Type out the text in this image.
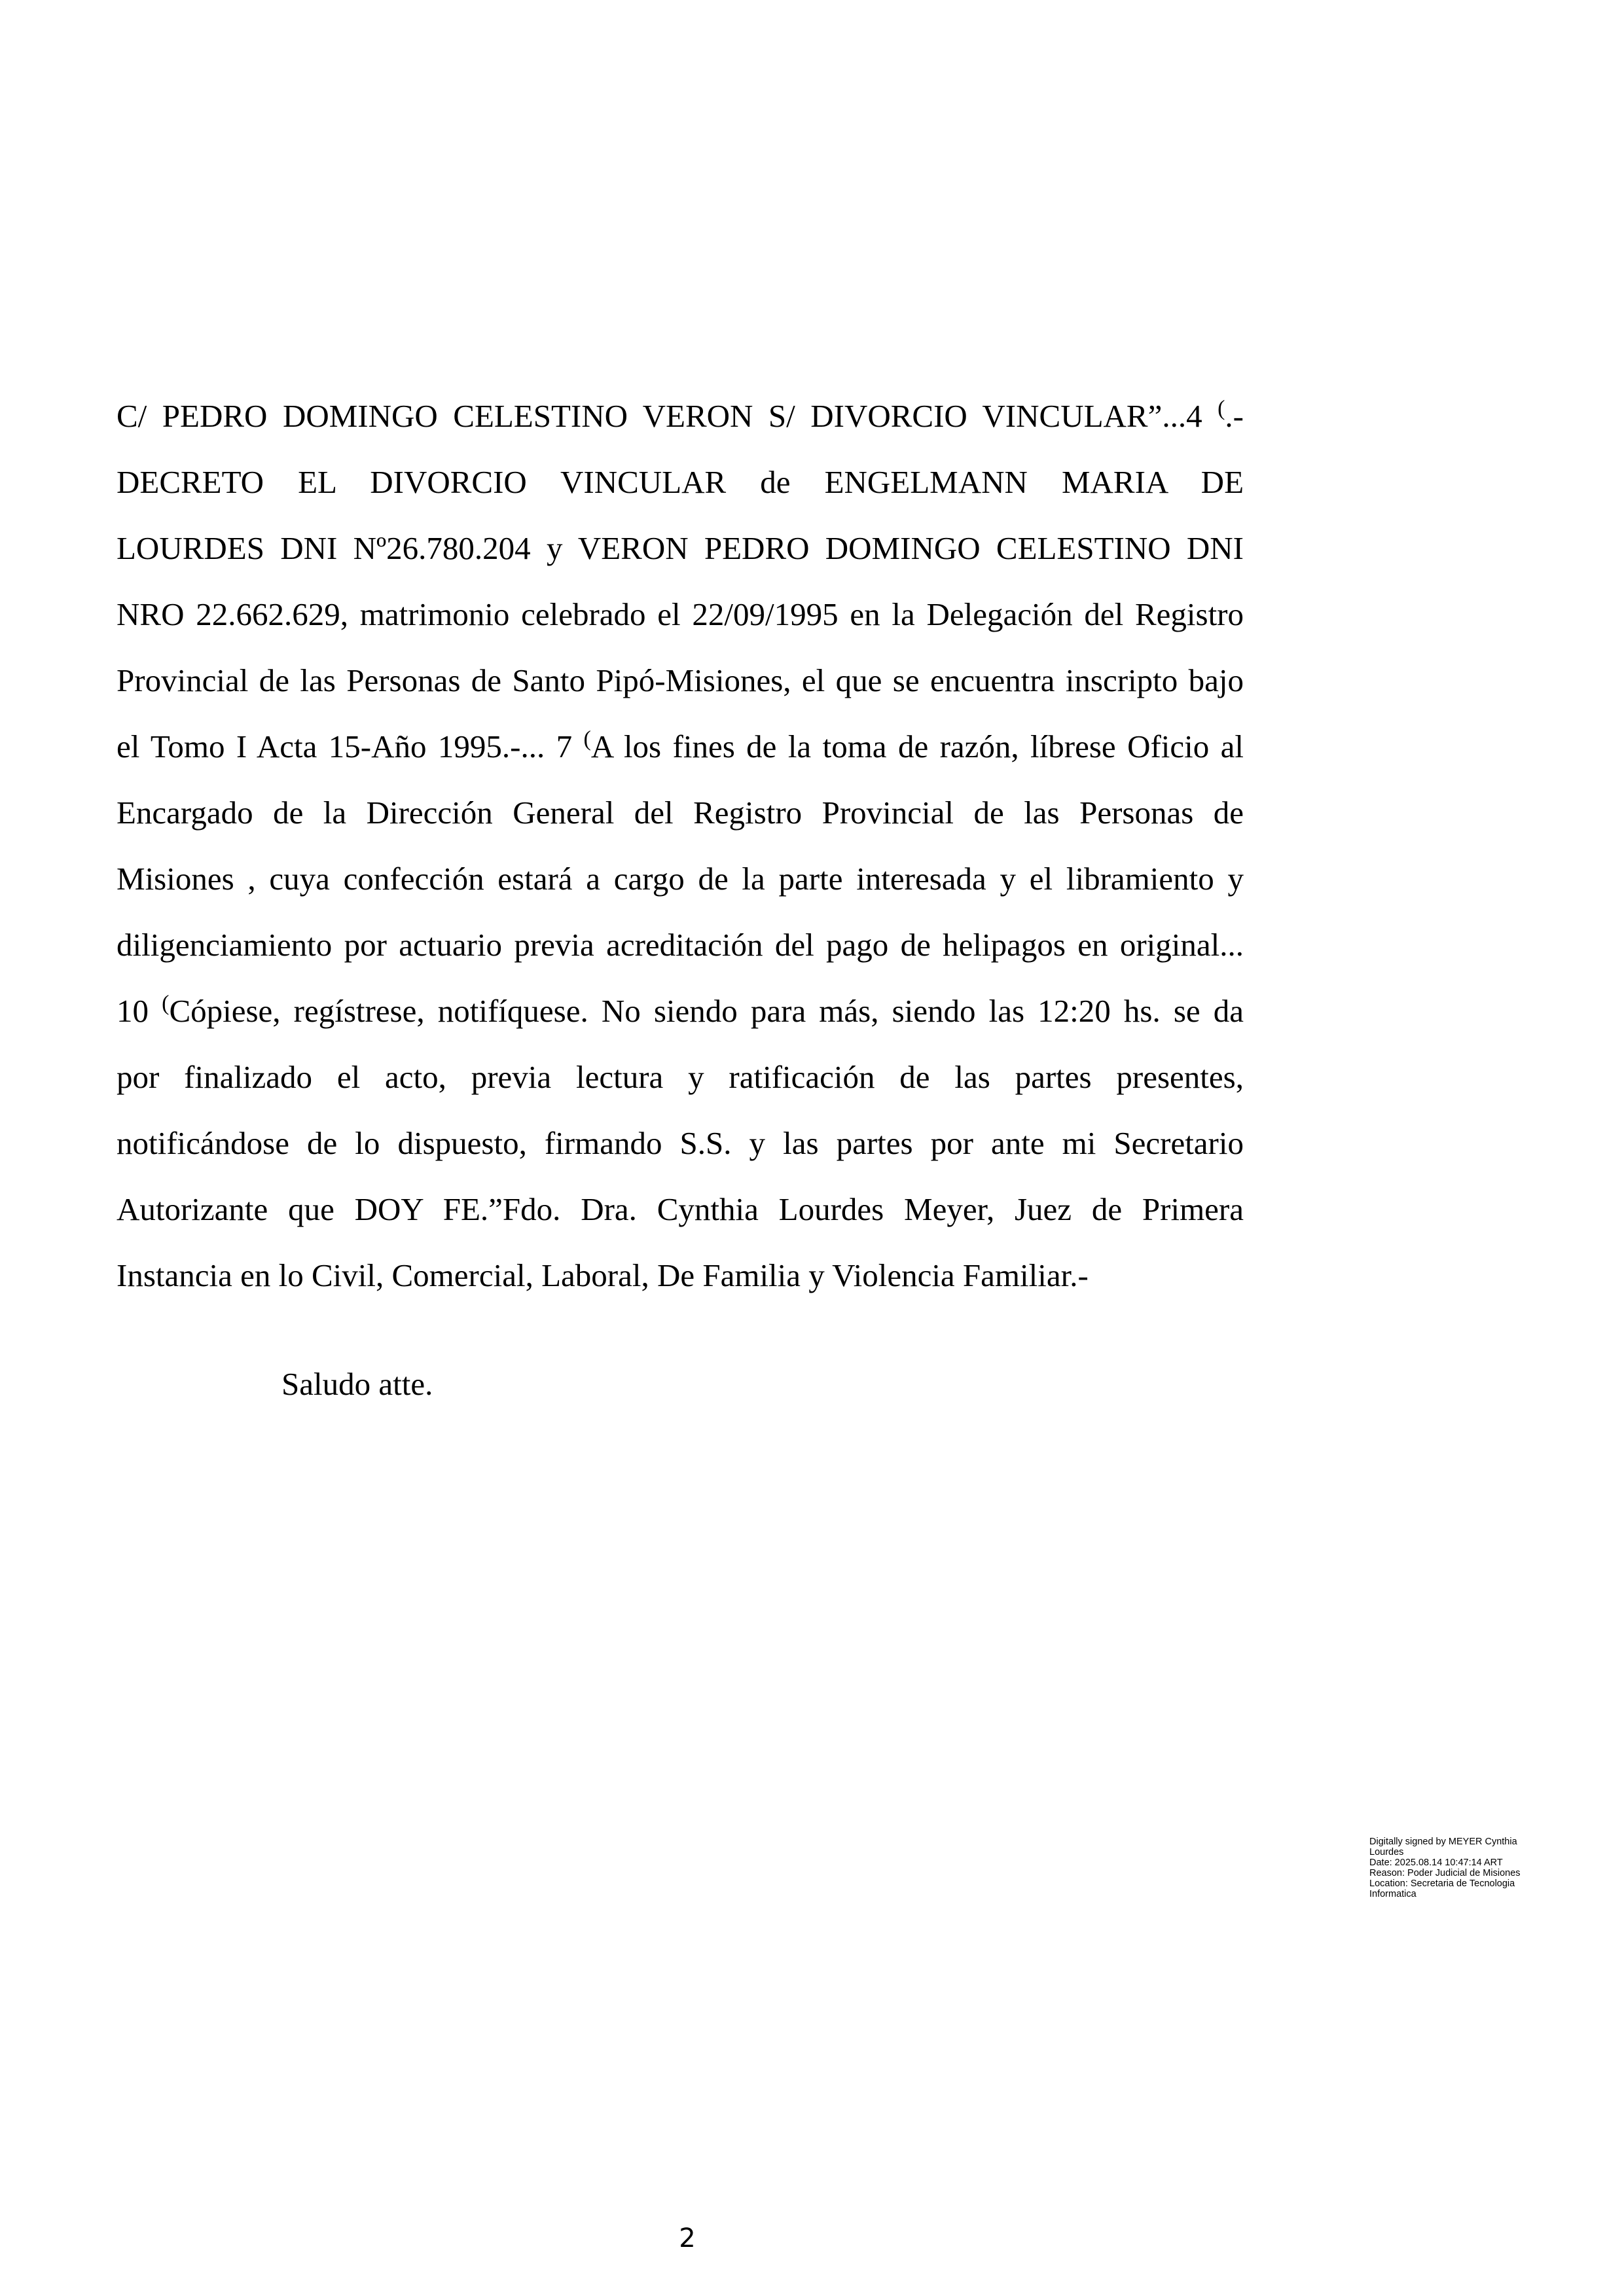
C/ PEDRO DOMINGO CELESTINO VERON S/ DIVORCIO VINCULAR”...4 (.-
DECRETO EL DIVORCIO VINCULAR de ENGELMANN MARIA DE
LOURDES DNI Nº26.780.204 y VERON PEDRO DOMINGO CELESTINO DNI
NRO 22.662.629, matrimonio celebrado el 22/09/1995 en la Delegación del Registro
Provincial de las Personas de Santo Pipó-Misiones, el que se encuentra inscripto bajo
el Tomo I Acta 15-Año 1995.-... 7 (A los fines de la toma de razón, líbrese Oficio al
Encargado de la Dirección General del Registro Provincial de las Personas de
Misiones , cuya confección estará a cargo de la parte interesada y el libramiento y
diligenciamiento por actuario previa acreditación del pago de helipagos en original...
10 (Cópiese, regístrese, notifíquese. No siendo para más, siendo las 12:20 hs. se da
por finalizado el acto, previa lectura y ratificación de las partes presentes,
notificándose de lo dispuesto, firmando S.S. y las partes por ante mi Secretario
Autorizante que DOY FE.”Fdo. Dra. Cynthia Lourdes Meyer, Juez de Primera
Instancia en lo Civil, Comercial, Laboral, De Familia y Violencia Familiar.-
Saludo atte.
Digitally signed by MEYER Cynthia
Lourdes
Date: 2025.08.14 10:47:14 ART
Reason: Poder Judicial de Misiones
Location: Secretaria de Tecnologia
Informatica
2
